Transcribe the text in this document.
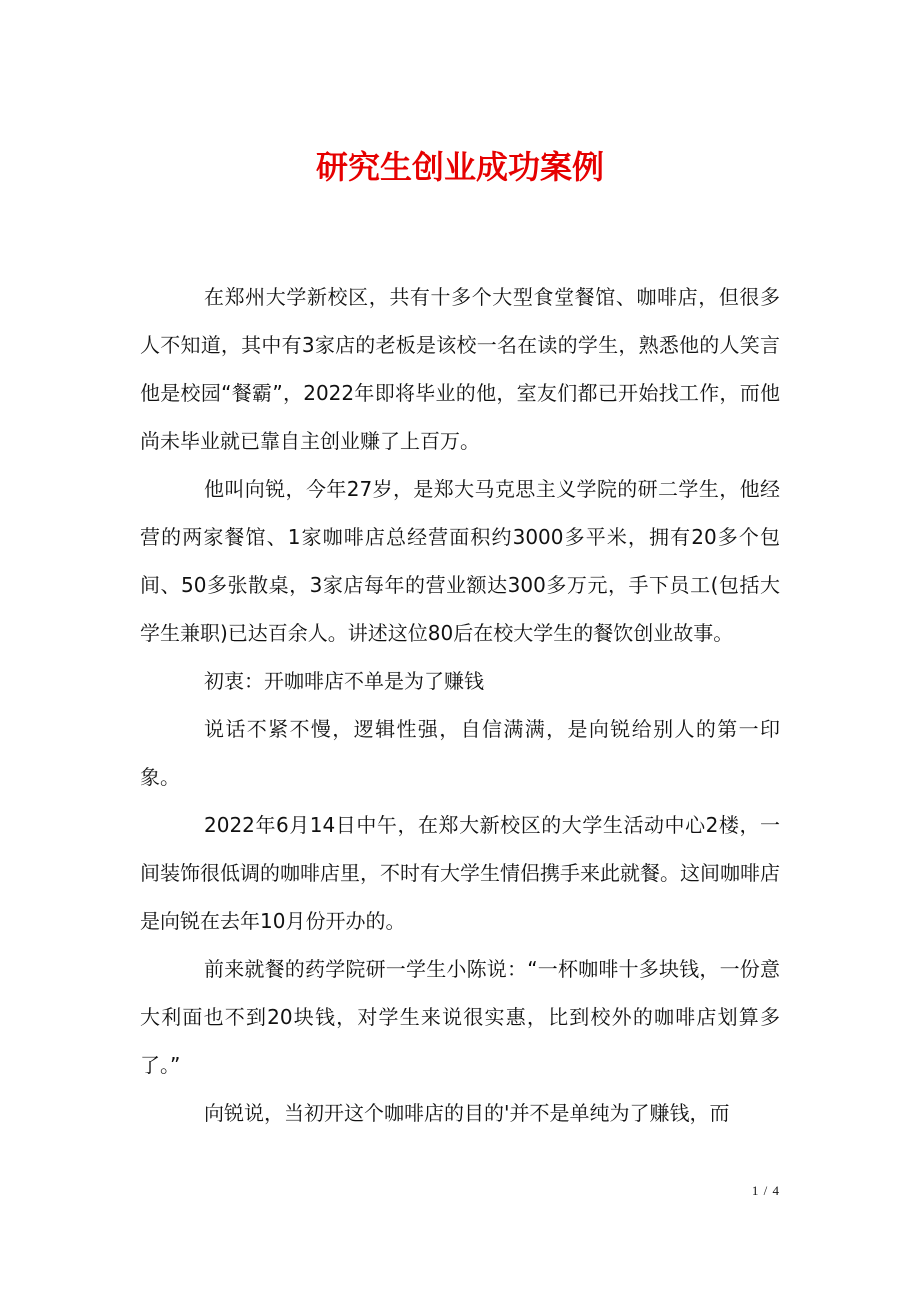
研究生创业成功案例

在郑州大学新校区，共有十多个大型食堂餐馆、咖啡店，但很多人不知道，其中有3家店的老板是该校一名在读的学生，熟悉他的人笑言他是校园“餐霸”，2022年即将毕业的他，室友们都已开始找工作，而他尚未毕业就已靠自主创业赚了上百万。

他叫向锐，今年27岁，是郑大马克思主义学院的研二学生，他经营的两家餐馆、1家咖啡店总经营面积约3000多平米，拥有20多个包间、50多张散桌，3家店每年的营业额达300多万元，手下员工(包括大学生兼职)已达百余人。讲述这位80后在校大学生的餐饮创业故事。

初衷：开咖啡店不单是为了赚钱

说话不紧不慢，逻辑性强，自信满满，是向锐给别人的第一印象。

2022年6月14日中午，在郑大新校区的大学生活动中心2楼，一间装饰很低调的咖啡店里，不时有大学生情侣携手来此就餐。这间咖啡店是向锐在去年10月份开办的。

前来就餐的药学院研一学生小陈说：“一杯咖啡十多块钱，一份意大利面也不到20块钱，对学生来说很实惠，比到校外的咖啡店划算多了。”

向锐说，当初开这个咖啡店的目的'并不是单纯为了赚钱，而

1 / 4
